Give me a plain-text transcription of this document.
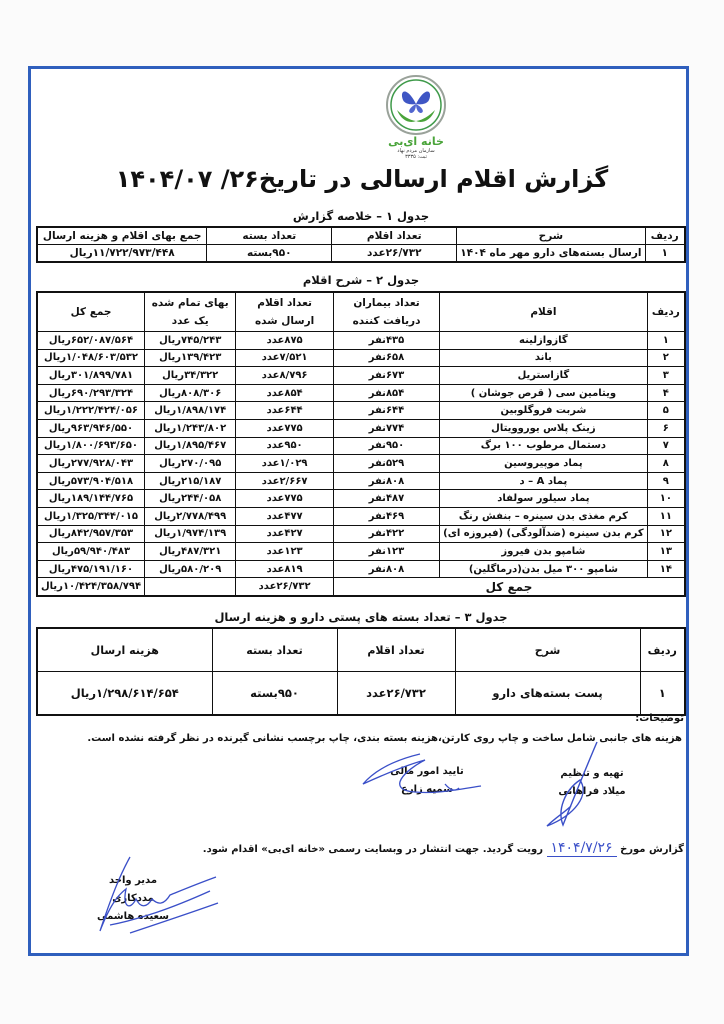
خانه ای‌بی
سازمان مردم نهاد
ثبت: ۳۳۳۵
گزارش اقلام ارسالی در تاریخ۲۶/ ۱۴۰۴/۰۷
جدول ۱ – خلاصه گزارش
ردیف	شرح	تعداد اقلام	تعداد بسته	جمع بهای اقلام و هزینه ارسال
۱	ارسال بسته‌های دارو مهر ماه ۱۴۰۴	۲۶/۷۳۲عدد	۹۵۰بسته	۱۱/۷۲۲/۹۷۳/۴۴۸ریال
جدول ۲ – شرح اقلام
ردیف	اقلام	تعداد بیماران دریافت کننده	تعداد اقلام ارسال شده	بهای تمام شده یک عدد	جمع کل
۱	گازوازلینه	۴۳۵نفر	۸۷۵عدد	۷۴۵/۲۴۳ریال	۶۵۲/۰۸۷/۵۶۴ریال
۲	باند	۶۵۸نفر	۷/۵۲۱عدد	۱۳۹/۴۲۳ریال	۱/۰۴۸/۶۰۳/۵۳۲ریال
۳	گازاستریل	۶۷۳نفر	۸/۷۹۶عدد	۳۴/۳۲۲ریال	۳۰۱/۸۹۹/۷۸۱ریال
۴	ویتامین سی ( قرص جوشان )	۸۵۴نفر	۸۵۴عدد	۸۰۸/۳۰۶ریال	۶۹۰/۲۹۳/۳۲۴ریال
۵	شربت فروگلوبین	۶۴۴نفر	۶۴۴عدد	۱/۸۹۸/۱۷۴ریال	۱/۲۲۲/۴۲۴/۰۵۶ریال
۶	زینک پلاس یوروویتال	۷۷۴نفر	۷۷۵عدد	۱/۲۴۳/۸۰۲ریال	۹۶۳/۹۴۶/۵۵۰ریال
۷	دستمال مرطوب ۱۰۰ برگ	۹۵۰نفر	۹۵۰عدد	۱/۸۹۵/۴۶۷ریال	۱/۸۰۰/۶۹۳/۶۵۰ریال
۸	پماد موپیروسین	۵۲۹نفر	۱/۰۲۹عدد	۲۷۰/۰۹۵ریال	۲۷۷/۹۲۸/۰۴۳ریال
۹	پماد A – د	۸۰۸نفر	۲/۶۶۷عدد	۲۱۵/۱۸۷ریال	۵۷۳/۹۰۴/۵۱۸ریال
۱۰	پماد سیلور سولفاد	۴۸۷نفر	۷۷۵عدد	۲۴۴/۰۵۸ریال	۱۸۹/۱۴۴/۷۶۵ریال
۱۱	کرم مغذی بدن سینره – بنفش رنگ	۴۶۹نفر	۴۷۷عدد	۲/۷۷۸/۴۹۹ریال	۱/۳۲۵/۳۴۴/۰۱۵ریال
۱۲	کرم بدن سینره (ضدآلودگی) (فیروزه ای)	۴۲۲نفر	۴۲۷عدد	۱/۹۷۴/۱۳۹ریال	۸۴۲/۹۵۷/۳۵۳ریال
۱۳	شامپو بدن فیروز	۱۲۳نفر	۱۲۳عدد	۴۸۷/۳۲۱ریال	۵۹/۹۴۰/۴۸۳ریال
۱۴	شامپو ۳۰۰ میل بدن(درماگلین)	۸۰۸نفر	۸۱۹عدد	۵۸۰/۲۰۹ریال	۴۷۵/۱۹۱/۱۶۰ریال
جمع کل			۲۶/۷۳۲عدد		۱۰/۴۲۴/۳۵۸/۷۹۴ریال
جدول ۳ – تعداد بسته های پستی دارو و هزینه ارسال
ردیف	شرح	تعداد اقلام	تعداد بسته	هزینه ارسال
۱	پست بسته‌های دارو	۲۶/۷۳۲عدد	۹۵۰بسته	۱/۲۹۸/۶۱۴/۶۵۴ریال
توضیحات:
هزینه های جانبی شامل ساخت و چاپ روی کارتن،هزینه بسته بندی، چاپ برچسب نشانی گیرنده در نظر گرفته نشده است.
تهیه و تنظیم
میلاد فراهانی
تایید امور مالی
سمیه زارع
مدیر واحد مددکاری
سعیده هاشمی
گزارش مورخ ۱۴۰۴/۷/۲۶ رویت گردید. جهت انتشار در وبسایت رسمی «خانه ای‌بی» اقدام شود.
